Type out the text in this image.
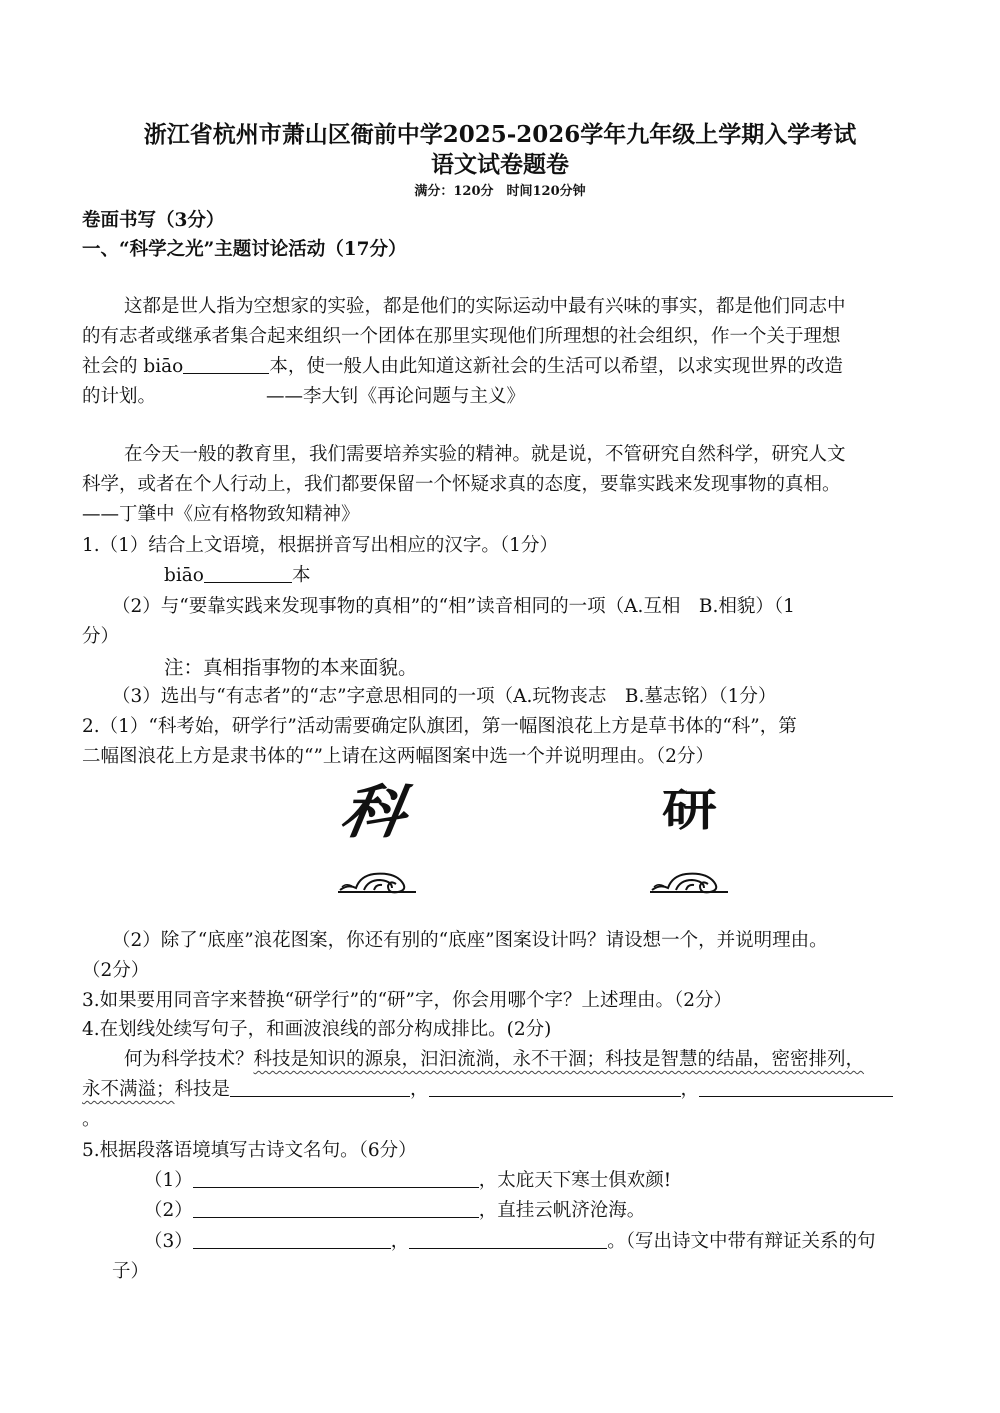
浙江省杭州市萧山区衙前中学2025-2026学年九年级上学期入学考试
语文试卷题卷
满分：120分　时间120分钟
卷面书写（3分）
一、“科学之光”主题讨论活动（17分）
这都是世人指为空想家的实验，都是他们的实际运动中最有兴味的事实，都是他们同志中
的有志者或继承者集合起来组织一个团体在那里实现他们所理想的社会组织，作一个关于理想
社会的 biāo	本，使一般人由此知道这新社会的生活可以希望，以求实现世界的改造
的计划。	——李大钊《再论问题与主义》
在今天一般的教育里，我们需要培养实验的精神。就是说，不管研究自然科学，研究人文
科学，或者在个人行动上，我们都要保留一个怀疑求真的态度，要靠实践来发现事物的真相。
——丁肇中《应有格物致知精神》
1.（1）结合上文语境，根据拼音写出相应的汉字。（1分）
biāo	本
（2）与“要靠实践来发现事物的真相”的“相”读音相同的一项（A.互相　B.相貌）（1
分）
注：真相指事物的本来面貌。
（3）选出与“有志者”的“志”字意思相同的一项（A.玩物丧志　B.墓志铭）（1分）
2.（1）“科考始，研学行”活动需要确定队旗团，第一幅图浪花上方是草书体的“科”，第
二幅图浪花上方是隶书体的“”上请在这两幅图案中选一个并说明理由。（2分）
科	研
（2）除了“底座”浪花图案，你还有别的“底座”图案设计吗？请设想一个，并说明理由。
（2分）
3.如果要用同音字来替换“研学行”的“研”字，你会用哪个字？上述理由。（2分）
4.在划线处续写句子，和画波浪线的部分构成排比。(2分)
何为科学技术？科技是知识的源泉，汩汩流淌，永不干涸；科技是智慧的结晶，密密排列，
永不满溢；科技是	，	，
。
5.根据段落语境填写古诗文名句。（6分）
（1）	，太庇天下寒士俱欢颜!
（2）	，直挂云帆济沧海。
（3）	，	。（写出诗文中带有辩证关系的句
子）
